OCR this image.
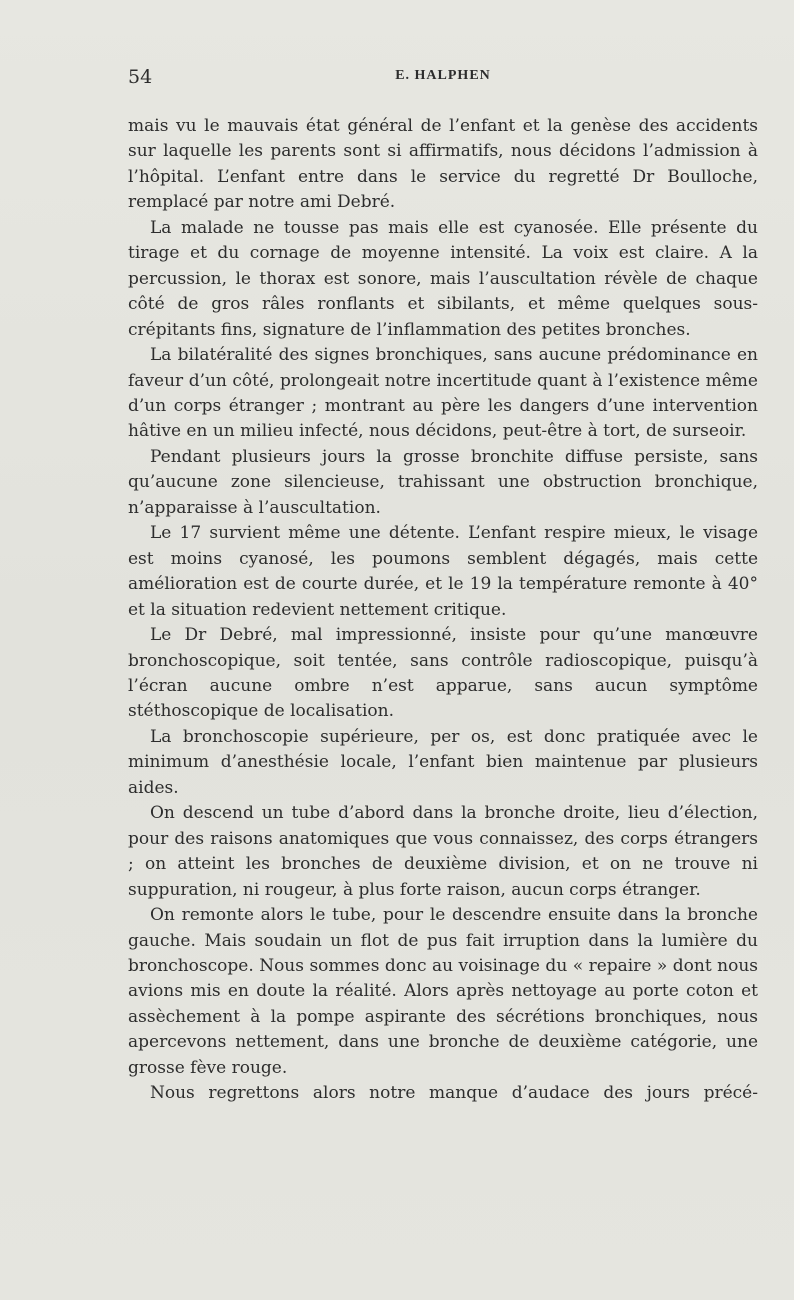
54	E. HALPHEN

mais vu le mauvais état général de l’enfant et la genèse des accidents sur laquelle les parents sont si affirmatifs, nous décidons l’admission à l’hôpital. L’enfant entre dans le service du regretté Dr Boulloche, remplacé par notre ami Debré.

La malade ne tousse pas mais elle est cyanosée. Elle présente du tirage et du cornage de moyenne intensité. La voix est claire. A la percussion, le thorax est sonore, mais l’auscultation révèle de chaque côté de gros râles ronflants et sibilants, et même quelques sous-crépitants fins, signature de l’inflammation des petites bronches.

La bilatéralité des signes bronchiques, sans aucune prédominance en faveur d’un côté, prolongeait notre incertitude quant à l’existence même d’un corps étranger ; montrant au père les dangers d’une intervention hâtive en un milieu infecté, nous décidons, peut-être à tort, de surseoir.

Pendant plusieurs jours la grosse bronchite diffuse persiste, sans qu’aucune zone silencieuse, trahissant une obstruction bronchique, n’apparaisse à l’auscultation.

Le 17 survient même une détente. L’enfant respire mieux, le visage est moins cyanosé, les poumons semblent dégagés, mais cette amélioration est de courte durée, et le 19 la température remonte à 40° et la situation redevient nettement critique.

Le Dr Debré, mal impressionné, insiste pour qu’une manœuvre bronchoscopique, soit tentée, sans contrôle radioscopique, puisqu’à l’écran aucune ombre n’est apparue, sans aucun symptôme stéthoscopique de localisation.

La bronchoscopie supérieure, per os, est donc pratiquée avec le minimum d’anesthésie locale, l’enfant bien maintenue par plusieurs aides.

On descend un tube d’abord dans la bronche droite, lieu d’élection, pour des raisons anatomiques que vous connaissez, des corps étrangers ; on atteint les bronches de deuxième division, et on ne trouve ni suppuration, ni rougeur, à plus forte raison, aucun corps étranger.

On remonte alors le tube, pour le descendre ensuite dans la bronche gauche. Mais soudain un flot de pus fait irruption dans la lumière du bronchoscope. Nous sommes donc au voisinage du « repaire » dont nous avions mis en doute la réalité. Alors après nettoyage au porte coton et assèchement à la pompe aspirante des sécrétions bronchiques, nous apercevons nettement, dans une bronche de deuxième catégorie, une grosse fève rouge.

Nous regrettons alors notre manque d’audace des jours précé-
